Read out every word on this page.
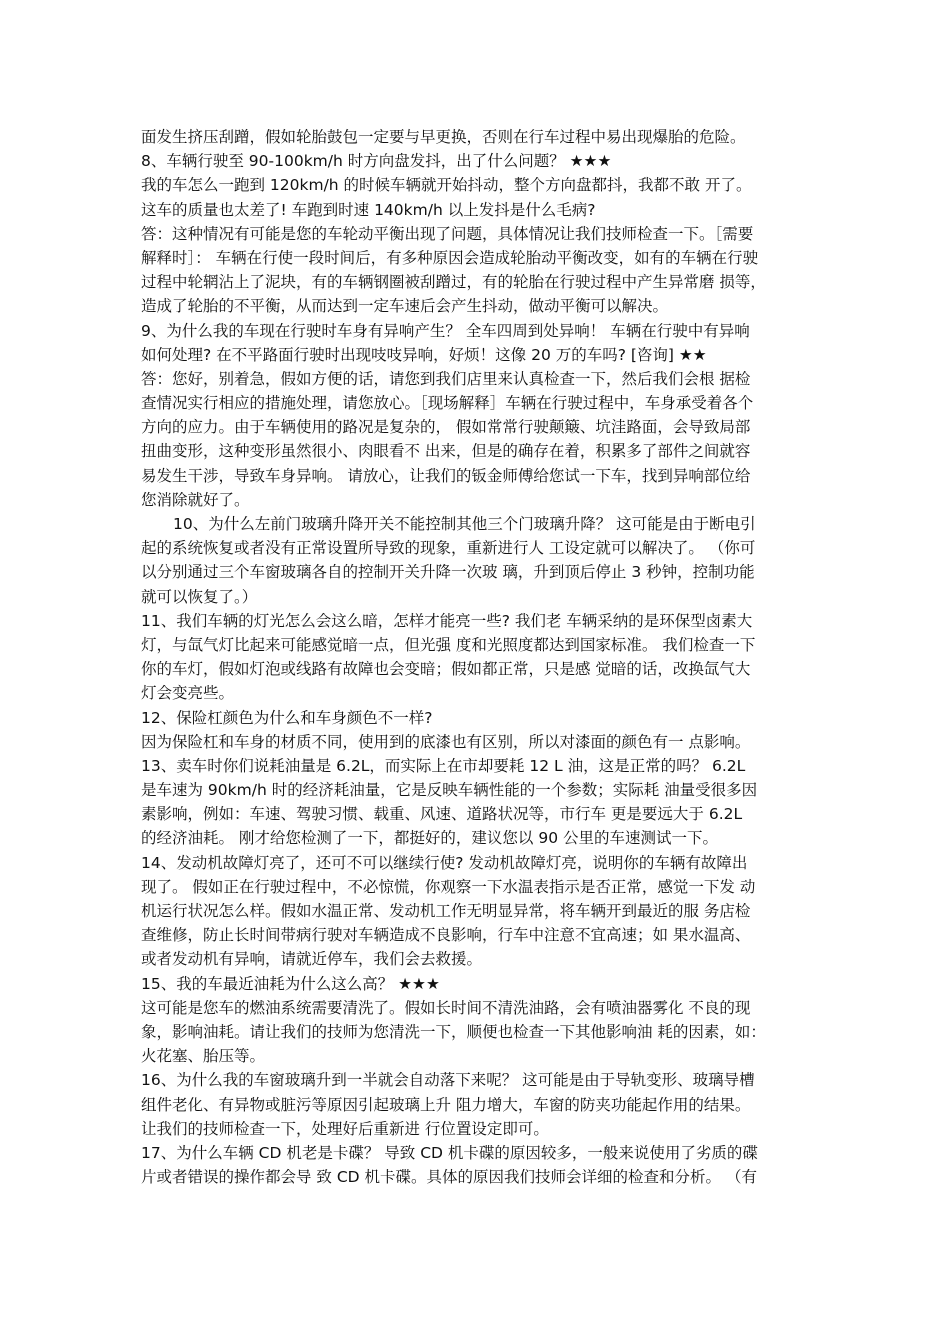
面发生挤压刮蹭，假如轮胎鼓包一定要与早更换，否则在行车过程中易出现爆胎的危险。
8、车辆行驶至 90-100km/h 时方向盘发抖，出了什么问题？ ★★★
我的车怎么一跑到 120km/h 的时候车辆就开始抖动，整个方向盘都抖，我都不敢 开了。
这车的质量也太差了! 车跑到时速 140km/h 以上发抖是什么毛病?
答：这种情况有可能是您的车轮动平衡出现了问题，具体情况让我们技师检查一下。［需要
解释时］： 车辆在行使一段时间后，有多种原因会造成轮胎动平衡改变，如有的车辆在行驶
过程中轮辋沾上了泥块，有的车辆钢圈被刮蹭过，有的轮胎在行驶过程中产生异常磨 损等，
造成了轮胎的不平衡，从而达到一定车速后会产生抖动，做动平衡可以解决。
9、为什么我的车现在行驶时车身有异响产生？ 全车四周到处异响！ 车辆在行驶中有异响
如何处理? 在不平路面行驶时出现吱吱异响，好烦！这像 20 万的车吗? [咨询] ★★
答：您好，别着急，假如方便的话，请您到我们店里来认真检查一下，然后我们会根 据检
查情况实行相应的措施处理，请您放心。［现场解释］车辆在行驶过程中，车身承受着各个
方向的应力。由于车辆使用的路况是复杂的， 假如常常行驶颠簸、坑洼路面，会导致局部
扭曲变形，这种变形虽然很小、肉眼看不 出来，但是的确存在着，积累多了部件之间就容
易发生干涉，导致车身异响。 请放心，让我们的钣金师傅给您试一下车，找到异响部位给
您消除就好了。
10、为什么左前门玻璃升降开关不能控制其他三个门玻璃升降？ 这可能是由于断电引
起的系统恢复或者没有正常设置所导致的现象，重新进行人 工设定就可以解决了。 （你可
以分别通过三个车窗玻璃各自的控制开关升降一次玻 璃，升到顶后停止 3 秒钟，控制功能
就可以恢复了。）
11、我们车辆的灯光怎么会这么暗，怎样才能亮一些? 我们老 车辆采纳的是环保型卤素大
灯，与氙气灯比起来可能感觉暗一点，但光强 度和光照度都达到国家标准。 我们检查一下
你的车灯，假如灯泡或线路有故障也会变暗；假如都正常，只是感 觉暗的话，改换氙气大
灯会变亮些。
12、保险杠颜色为什么和车身颜色不一样?
因为保险杠和车身的材质不同，使用到的底漆也有区别，所以对漆面的颜色有一 点影响。
13、卖车时你们说耗油量是 6.2L，而实际上在市却要耗 12 L 油，这是正常的吗？ 6.2L
是车速为 90km/h 时的经济耗油量，它是反映车辆性能的一个参数；实际耗 油量受很多因
素影响，例如：车速、驾驶习惯、载重、风速、道路状况等，市行车 更是要远大于 6.2L
的经济油耗。 刚才给您检测了一下，都挺好的，建议您以 90 公里的车速测试一下。
14、发动机故障灯亮了，还可不可以继续行使? 发动机故障灯亮，说明你的车辆有故障出
现了。 假如正在行驶过程中，不必惊慌，你观察一下水温表指示是否正常，感觉一下发 动
机运行状况怎么样。假如水温正常、发动机工作无明显异常，将车辆开到最近的服 务店检
查维修，防止长时间带病行驶对车辆造成不良影响，行车中注意不宜高速；如 果水温高、
或者发动机有异响，请就近停车，我们会去救援。
15、我的车最近油耗为什么这么高？ ★★★
这可能是您车的燃油系统需要清洗了。假如长时间不清洗油路，会有喷油器雾化 不良的现
象，影响油耗。请让我们的技师为您清洗一下，顺便也检查一下其他影响油 耗的因素，如：
火花塞、胎压等。
16、为什么我的车窗玻璃升到一半就会自动落下来呢？ 这可能是由于导轨变形、玻璃导槽
组件老化、有异物或脏污等原因引起玻璃上升 阻力增大，车窗的防夹功能起作用的结果。
让我们的技师检查一下，处理好后重新进 行位置设定即可。
17、为什么车辆 CD 机老是卡碟？ 导致 CD 机卡碟的原因较多，一般来说使用了劣质的碟
片或者错误的操作都会导 致 CD 机卡碟。具体的原因我们技师会详细的检查和分析。 （有
